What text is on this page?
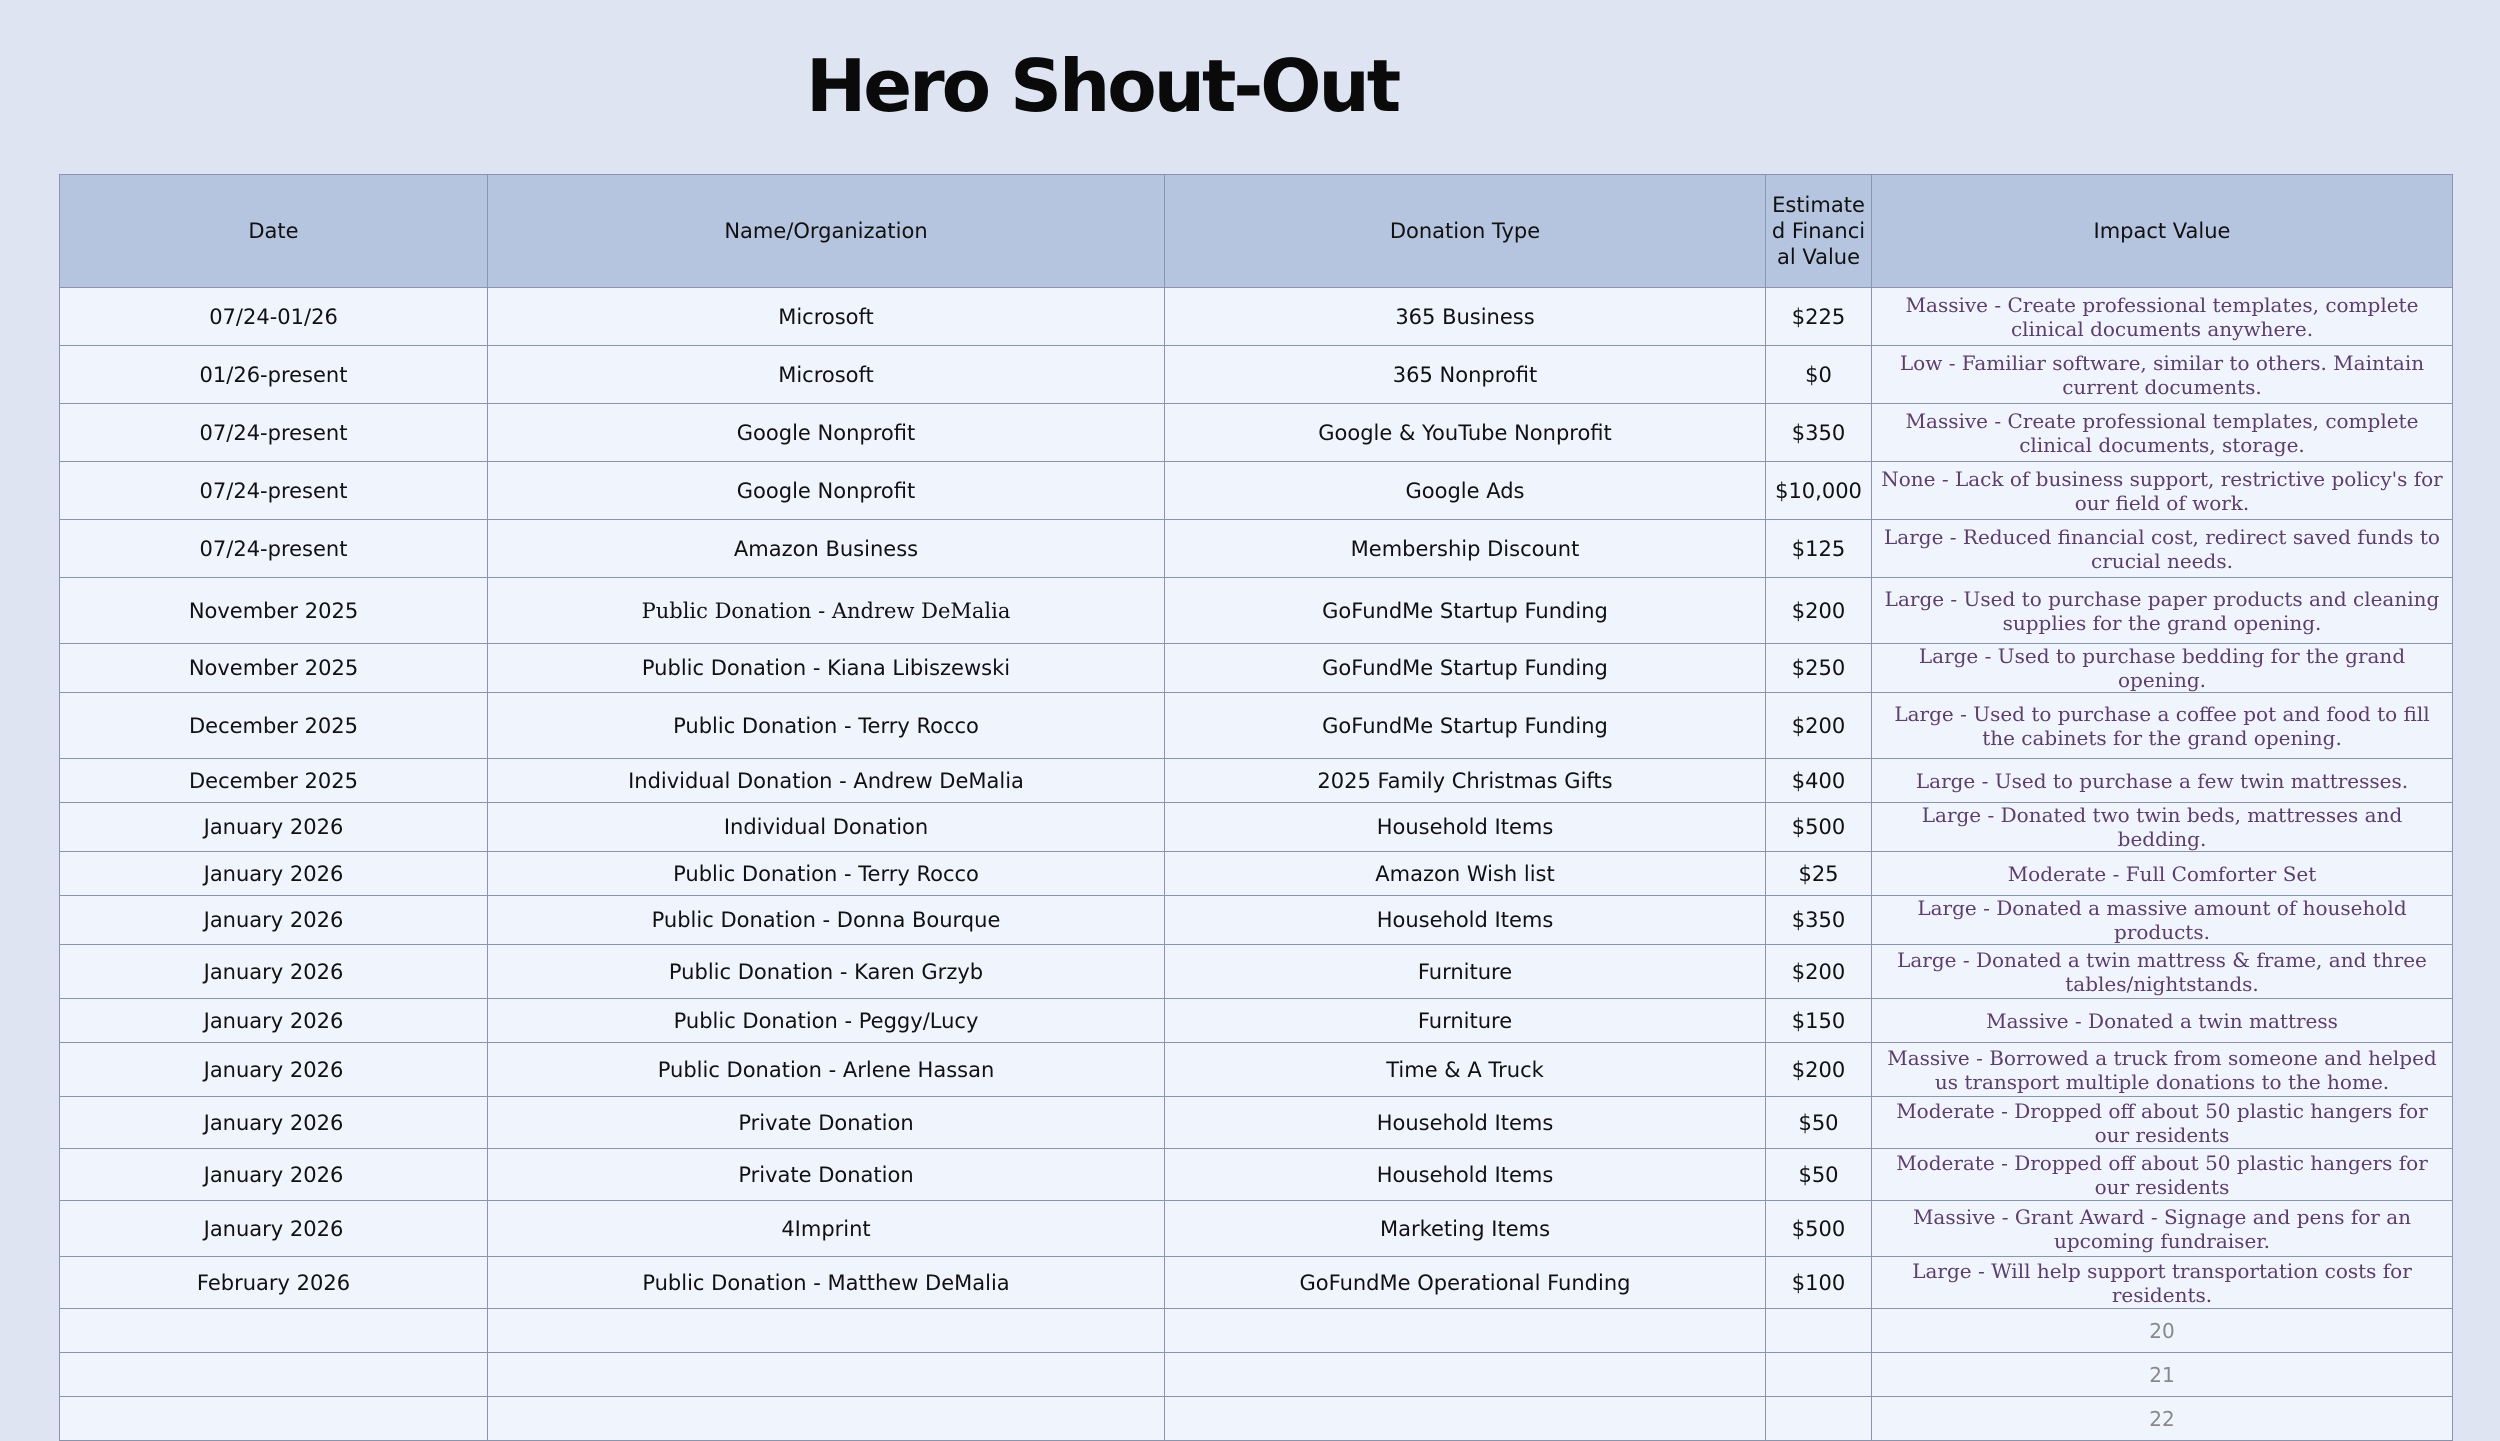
Hero Shout-Out
Date	Name/Organization	Donation Type	Estimated Financial Value	Impact Value
07/24-01/26	Microsoft	365 Business	$225	Massive - Create professional templates, complete clinical documents anywhere.
01/26-present	Microsoft	365 Nonprofit	$0	Low - Familiar software, similar to others. Maintain current documents.
07/24-present	Google Nonprofit	Google & YouTube Nonprofit	$350	Massive - Create professional templates, complete clinical documents, storage.
07/24-present	Google Nonprofit	Google Ads	$10,000	None - Lack of business support, restrictive policy's for our field of work.
07/24-present	Amazon Business	Membership Discount	$125	Large - Reduced financial cost, redirect saved funds to crucial needs.
November 2025	Public Donation - Andrew DeMalia	GoFundMe Startup Funding	$200	Large - Used to purchase paper products and cleaning supplies for the grand opening.
November 2025	Public Donation - Kiana Libiszewski	GoFundMe Startup Funding	$250	Large - Used to purchase bedding for the grand opening.
December 2025	Public Donation - Terry Rocco	GoFundMe Startup Funding	$200	Large - Used to purchase a coffee pot and food to fill the cabinets for the grand opening.
December 2025	Individual Donation - Andrew DeMalia	2025 Family Christmas Gifts	$400	Large - Used to purchase a few twin mattresses.
January 2026	Individual Donation	Household Items	$500	Large - Donated two twin beds, mattresses and bedding.
January 2026	Public Donation - Terry Rocco	Amazon Wish list	$25	Moderate - Full Comforter Set
January 2026	Public Donation - Donna Bourque	Household Items	$350	Large - Donated a massive amount of household products.
January 2026	Public Donation - Karen Grzyb	Furniture	$200	Large - Donated a twin mattress & frame, and three tables/nightstands.
January 2026	Public Donation - Peggy/Lucy	Furniture	$150	Massive - Donated a twin mattress
January 2026	Public Donation - Arlene Hassan	Time & A Truck	$200	Massive - Borrowed a truck from someone and helped us transport multiple donations to the home.
January 2026	Private Donation	Household Items	$50	Moderate - Dropped off about 50 plastic hangers for our residents
January 2026	Private Donation	Household Items	$50	Moderate - Dropped off about 50 plastic hangers for our residents
January 2026	4Imprint	Marketing Items	$500	Massive - Grant Award - Signage and pens for an upcoming fundraiser.
February 2026	Public Donation - Matthew DeMalia	GoFundMe Operational Funding	$100	Large - Will help support transportation costs for residents.
				20
				21
				22
